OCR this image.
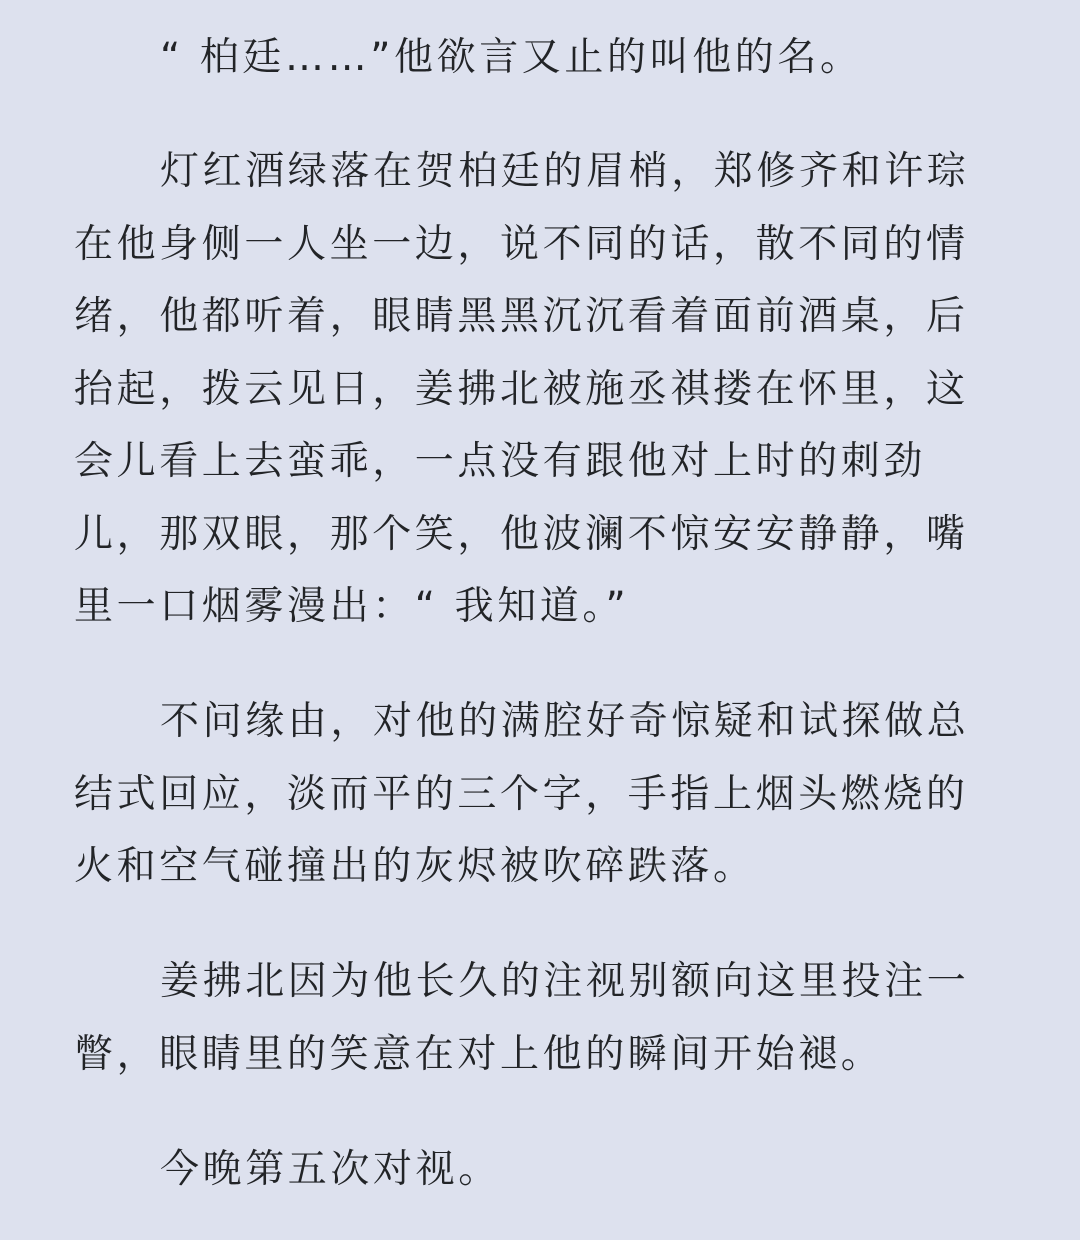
“ 柏廷……”他欲言又止的叫他的名。

灯红酒绿落在贺柏廷的眉梢，郑修齐和许琮在他身侧一人坐一边，说不同的话，散不同的情绪，他都听着，眼睛黑黑沉沉看着面前酒桌，后抬起，拨云见日，姜拂北被施丞祺搂在怀里，这会儿看上去蛮乖，一点没有跟他对上时的刺劲儿，那双眼，那个笑，他波澜不惊安安静静，嘴里一口烟雾漫出：“ 我知道。”

不问缘由，对他的满腔好奇惊疑和试探做总结式回应，淡而平的三个字，手指上烟头燃烧的火和空气碰撞出的灰烬被吹碎跌落。

姜拂北因为他长久的注视别额向这里投注一瞥，眼睛里的笑意在对上他的瞬间开始褪。

今晚第五次对视。
